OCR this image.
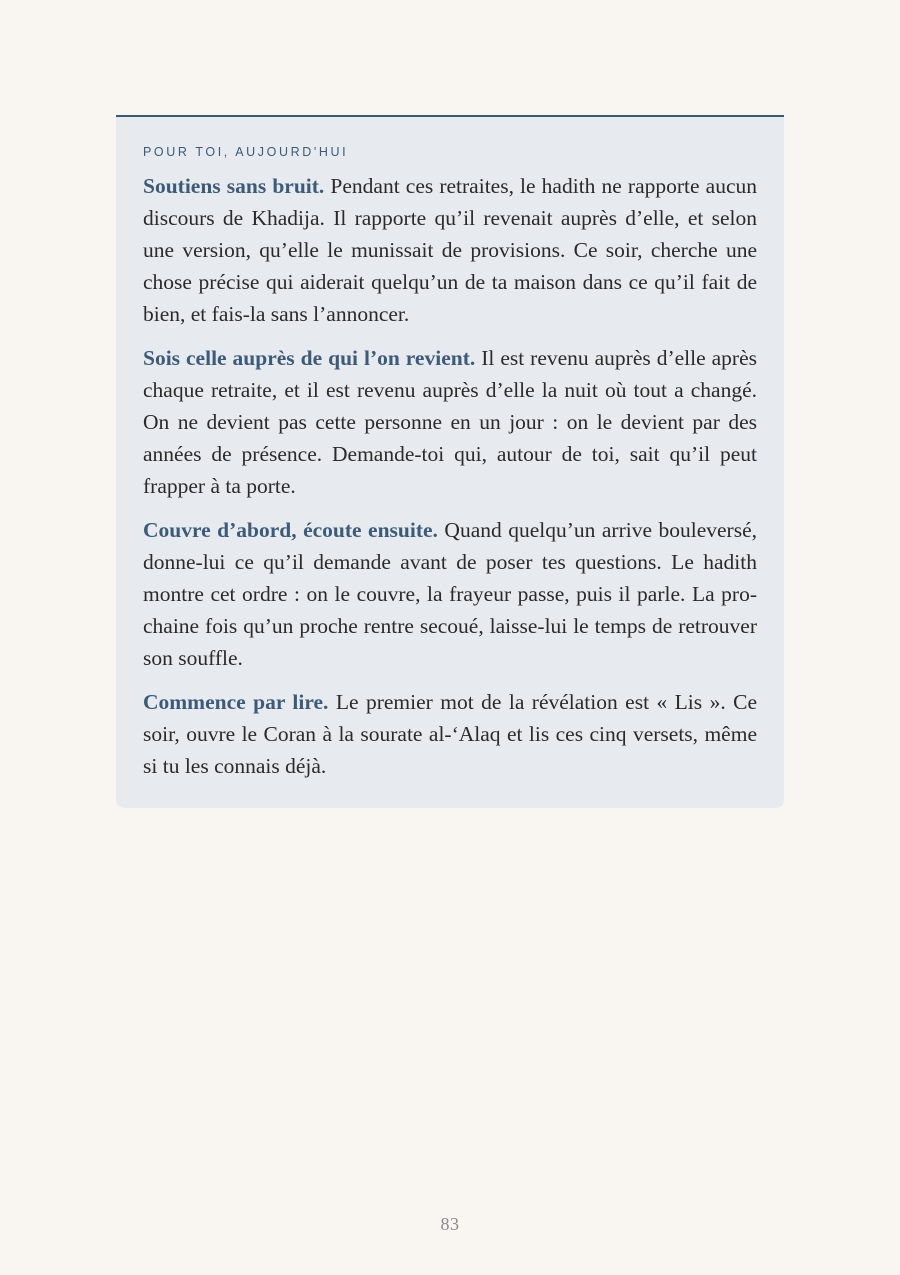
POUR TOI, AUJOURD'HUI

Soutiens sans bruit. Pendant ces retraites, le hadith ne rapporte aucun discours de Khadija. Il rapporte qu’il revenait auprès d’elle, et selon une version, qu’elle le munissait de provisions. Ce soir, cherche une chose précise qui aiderait quelqu’un de ta maison dans ce qu’il fait de bien, et fais-la sans l’annoncer.

Sois celle auprès de qui l’on revient. Il est revenu auprès d’elle après chaque retraite, et il est revenu auprès d’elle la nuit où tout a changé. On ne devient pas cette personne en un jour : on le devient par des années de présence. Demande-toi qui, autour de toi, sait qu’il peut frapper à ta porte.

Couvre d’abord, écoute ensuite. Quand quelqu’un arrive bouleversé, donne-lui ce qu’il demande avant de poser tes questions. Le hadith montre cet ordre : on le couvre, la frayeur passe, puis il parle. La prochaine fois qu’un proche rentre secoué, laisse-lui le temps de retrouver son souffle.

Commence par lire. Le premier mot de la révélation est « Lis ». Ce soir, ouvre le Coran à la sourate al-‘Alaq et lis ces cinq versets, même si tu les connais déjà.

83
